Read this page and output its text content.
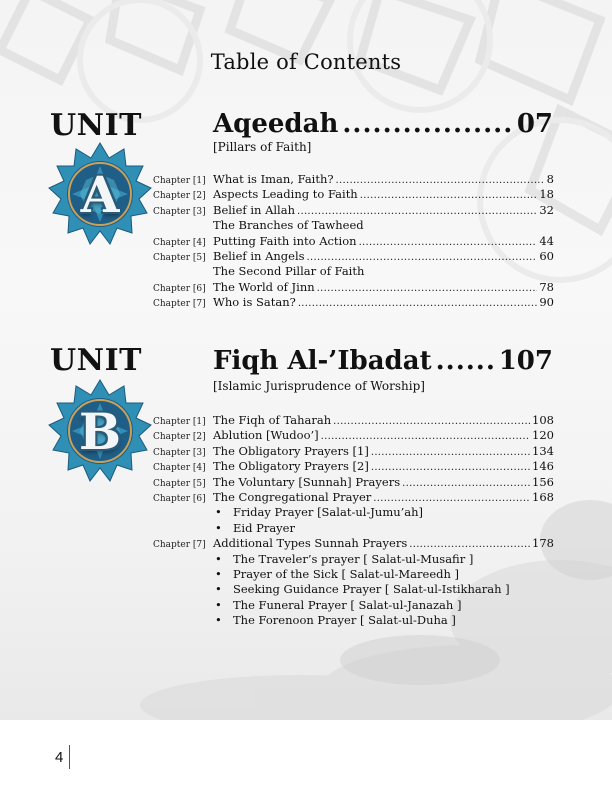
Table of Contents
UNIT
A
Aqeedah .....	07
[Pillars of Faith]
Chapter [1] What is Iman, Faith? .....	8
Chapter [2] Aspects Leading to Faith .....	18
Chapter [3] Belief in Allah .....	32
The Branches of Tawheed
Chapter [4] Putting Faith into Action .....	44
Chapter [5] Belief in Angels .....	60
The Second Pillar of Faith
Chapter [6] The World of Jinn .....	78
Chapter [7] Who is Satan? .....	90
UNIT
B
Fiqh Al-’Ibadat .....	107
[Islamic Jurisprudence of Worship]
Chapter [1] The Fiqh of Taharah .....	108
Chapter [2] Ablution [Wudoo’] .....	120
Chapter [3] The Obligatory Prayers [1] .....	134
Chapter [4] The Obligatory Prayers [2] .....	146
Chapter [5] The Voluntary [Sunnah] Prayers .....	156
Chapter [6] The Congregational Prayer .....	168
• Friday Prayer [Salat-ul-Jumu’ah]
• Eid Prayer
Chapter [7] Additional Types Sunnah Prayers .....	178
• The Traveler’s prayer [ Salat-ul-Musafir ]
• Prayer of the Sick [ Salat-ul-Mareedh ]
• Seeking Guidance Prayer [ Salat-ul-Istikharah ]
• The Funeral Prayer [ Salat-ul-Janazah ]
• The Forenoon Prayer [ Salat-ul-Duha ]
4
